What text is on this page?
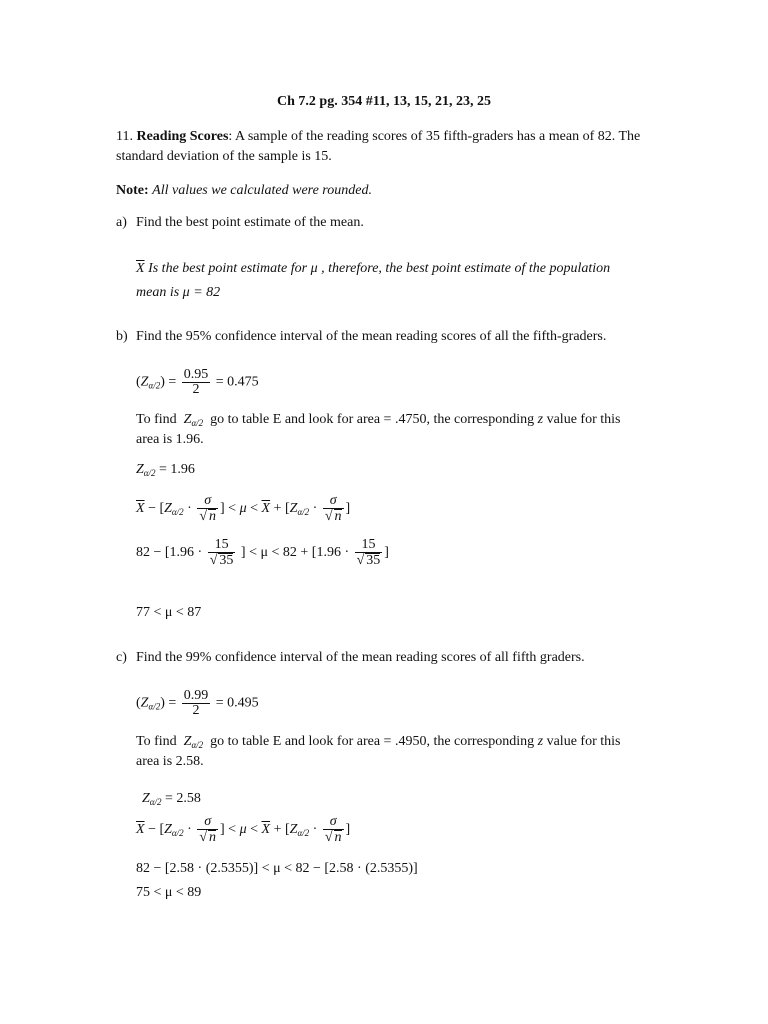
Ch 7.2 pg. 354 #11, 13, 15, 21, 23, 25
11. Reading Scores: A sample of the reading scores of 35 fifth-graders has a mean of 82. The
standard deviation of the sample is 15.
Note: All values we calculated were rounded.
a) Find the best point estimate of the mean.
$\overline{X}$ Is the best point estimate for μ , therefore, the best point estimate of the population
mean is μ = 82
b) Find the 95% confidence interval of the mean reading scores of all the fifth-graders.
$(Z_{\alpha/2}) = \frac{0.95}{2} = 0.475$
To find $Z_{\alpha/2}$ go to table E and look for area = .4750, the corresponding z value for this
area is 1.96.
$Z_{\alpha/2} = 1.96$
$\overline{X} - [Z_{\alpha/2} \cdot \frac{\sigma}{√ n}$ ] < $\mu < \overline{X} + [Z_{\alpha/2} \cdot \frac{\sigma}{√ n}$ ]
$82 - [1.96 \cdot \frac{15}{√ 35}$ ] < $\mu < 82 + [1.96 \cdot \frac{15}{√ 35}$ ]
77 < μ < 87
c) Find the 99% confidence interval of the mean reading scores of all fifth graders.
$(Z_{\alpha/2}) = \frac{0.99}{2} = 0.495$
To find $Z_{\alpha/2}$ go to table E and look for area = .4950, the corresponding z value for this
area is 2.58.
$Z_{\alpha/2} = 2.58$
$\overline{X} - [Z_{\alpha/2} \cdot \frac{\sigma}{√ n}$ ] < $\mu < \overline{X} + [Z_{\alpha/2} \cdot \frac{\sigma}{√ n}$ ]
82 − [2.58 · (2.5355)] < μ < 82 − [2.58 · (2.5355)]
75 < μ < 89
